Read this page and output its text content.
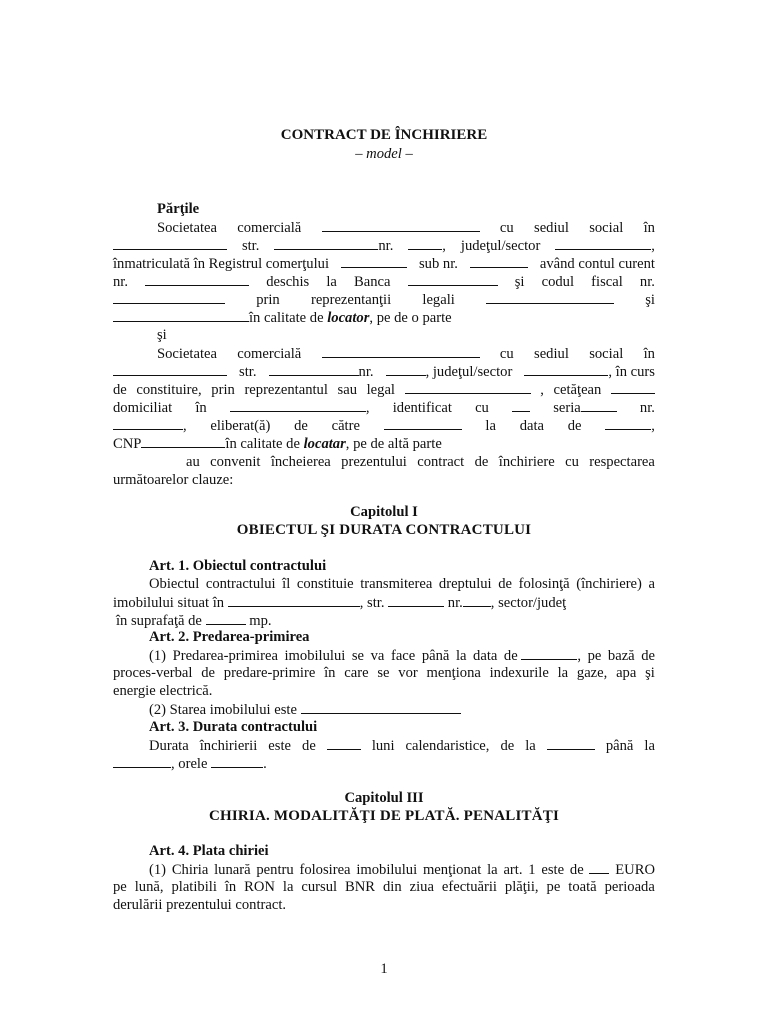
CONTRACT DE ÎNCHIRIERE
– model –
Părţile
Societatea comercială	cu sediul social în
str.	nr.	, judeţul/sector	,
înmatriculată în Registrul comerţului	sub nr.	având contul curent
nr.	deschis la Banca	şi codul fiscal nr.
prin reprezentanţii legali	şi
în calitate de locator, pe de o parte
şi
Societatea comercială	cu sediul social în
str.	nr.	, judeţul/sector	, în curs
de constituire, prin reprezentantul sau legal	, cetăţean
domiciliat în	, identificat cu	seria	nr.
, eliberat(ă) de către	la data de	,
CNP	în calitate de locatar, pe de altă parte
au convenit încheierea prezentului contract de închiriere cu respectarea
următoarelor clauze:
Capitolul I
OBIECTUL ŞI DURATA CONTRACTULUI
Art. 1. Obiectul contractului
Obiectul contractului îl constituie transmiterea dreptului de folosinţă (închiriere) a
imobilului situat în	, str.	nr. , sector/judeţ
în suprafaţă de	mp.
Art. 2. Predarea-primirea
(1) Predarea-primirea imobilului se va face până la data de	, pe bază de
proces-verbal de predare-primire în care se vor menţiona indexurile la gaze, apa şi
energie electrică.
(2) Starea imobilului este
Art. 3. Durata contractului
Durata închirierii este de	luni calendaristice, de la	până la
, orele	.
Capitolul III
CHIRIA. MODALITĂŢI DE PLATĂ. PENALITĂŢI
Art. 4. Plata chiriei
(1) Chiria lunară pentru folosirea imobilului menţionat la art. 1 este de EURO
pe lună, platibili în RON la cursul BNR din ziua efectuării plăţii, pe toată perioada
derulării prezentului contract.
1
